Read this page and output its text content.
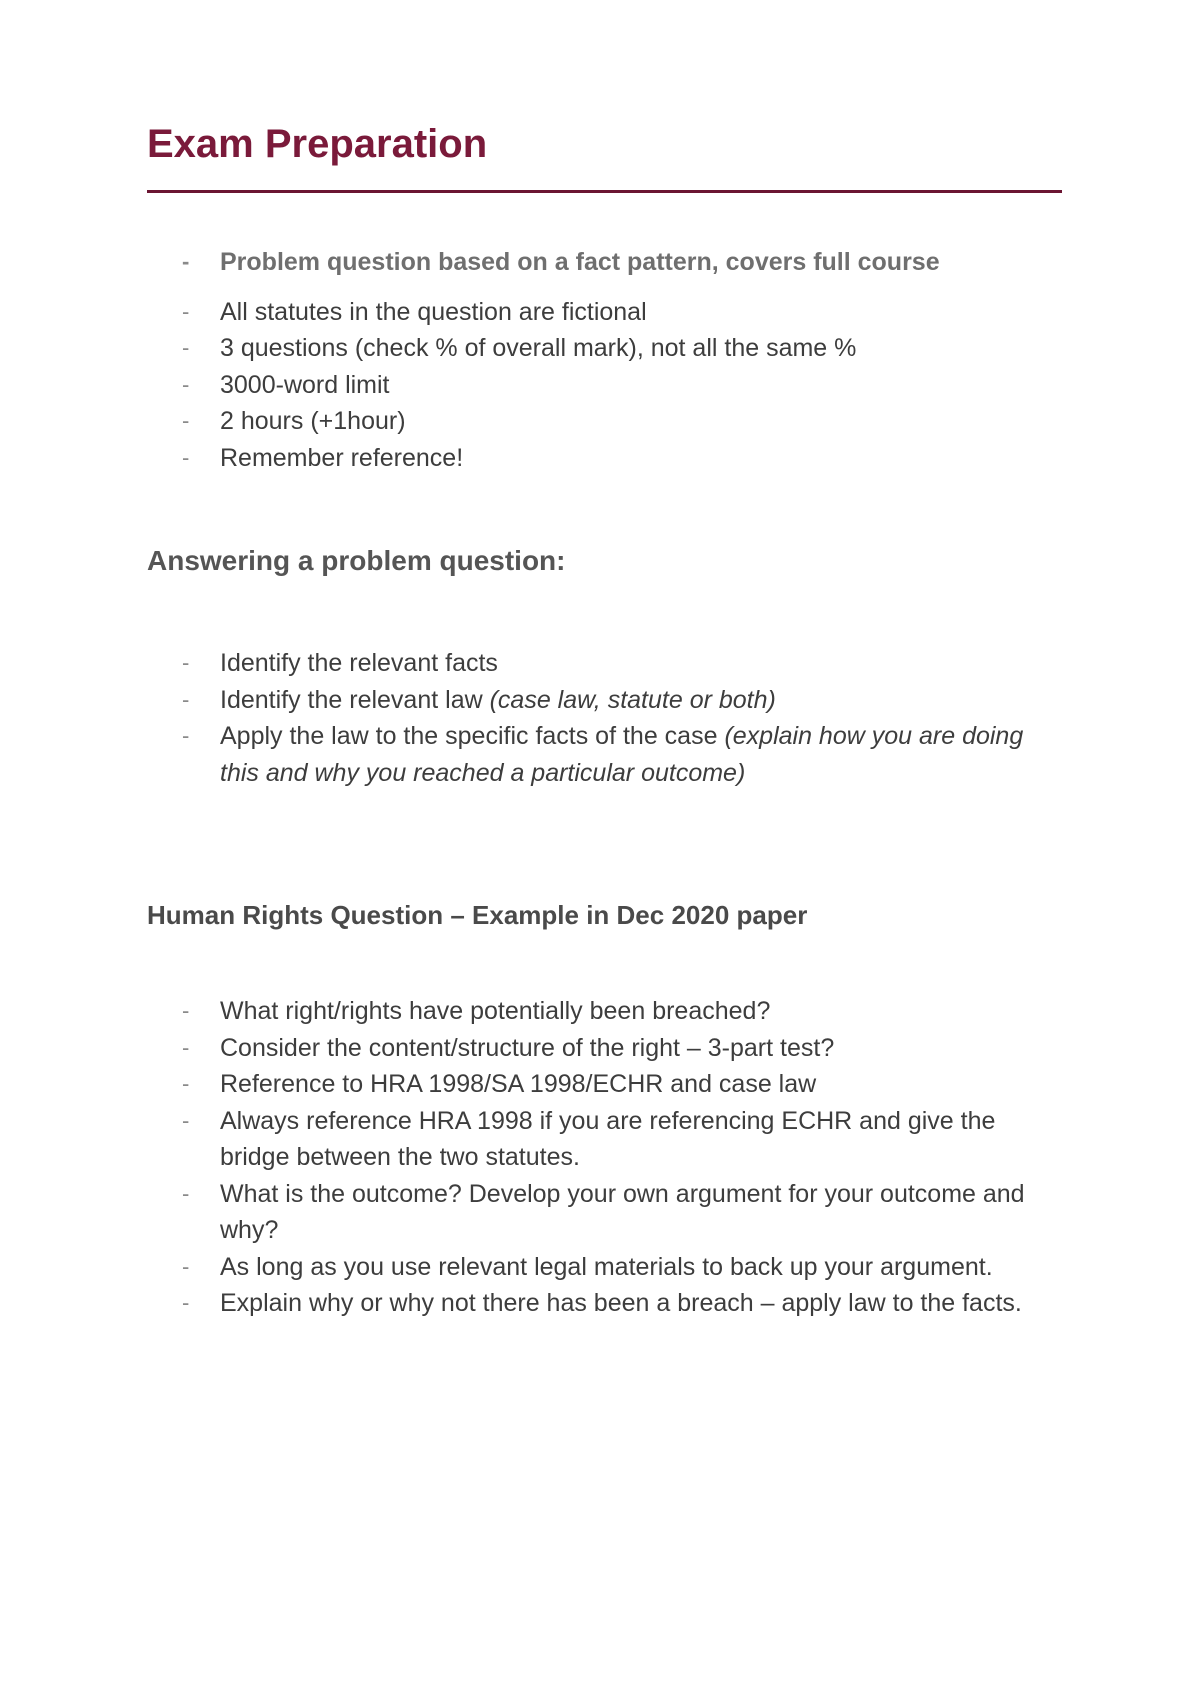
Exam Preparation
- Problem question based on a fact pattern, covers full course
- All statutes in the question are fictional
- 3 questions (check % of overall mark), not all the same %
- 3000-word limit
- 2 hours (+1hour)
- Remember reference!
Answering a problem question:
- Identify the relevant facts
- Identify the relevant law (case law, statute or both)
- Apply the law to the specific facts of the case (explain how you are doing this and why you reached a particular outcome)
Human Rights Question – Example in Dec 2020 paper
- What right/rights have potentially been breached?
- Consider the content/structure of the right – 3-part test?
- Reference to HRA 1998/SA 1998/ECHR and case law
- Always reference HRA 1998 if you are referencing ECHR and give the bridge between the two statutes.
- What is the outcome? Develop your own argument for your outcome and why?
- As long as you use relevant legal materials to back up your argument.
- Explain why or why not there has been a breach – apply law to the facts.
